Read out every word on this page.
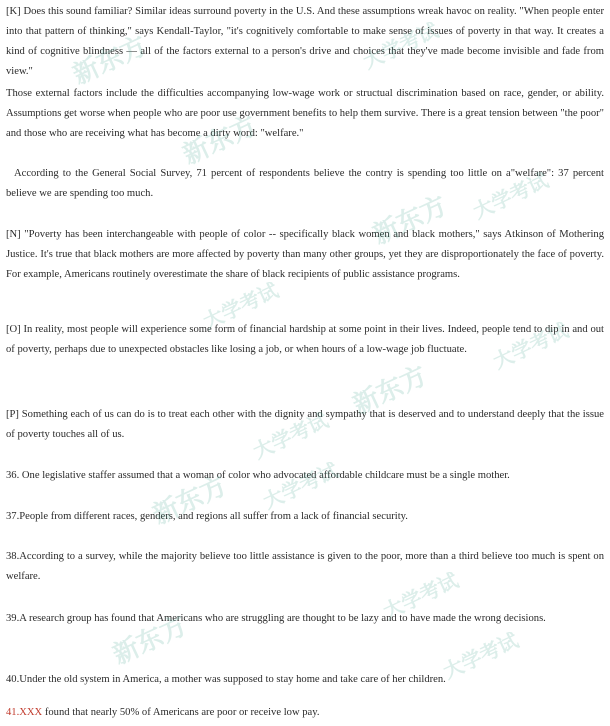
[K] Does this sound familiar? Similar ideas surround poverty in the U.S. And these assumptions wreak havoc on reality. "When people enter into that pattern of thinking," says Kendall-Taylor, "it's cognitively comfortable to make sense of issues of poverty in that way. It creates a kind of cognitive blindness — all of the factors external to a person's drive and choices that they've made become invisible and fade from view."

Those external factors include the difficulties accompanying low-wage work or structual discrimination based on race, gender, or ability. Assumptions get worse when people who are poor use government benefits to help them survive. There is a great tension between "the poor" and those who are receiving what has become a dirty word: "welfare."

According to the General Social Survey, 71 percent of respondents believe the contry is spending too little on a"welfare": 37 percent believe we are spending too much.

[N] "Poverty has been interchangeable with people of color -- specifically black women and black mothers," says Atkinson of Mothering Justice. It's true that black mothers are more affected by poverty than many other groups, yet they are disproportionately the face of poverty. For example, Americans routinely overestimate the share of black recipients of public assistance programs.

[O] In reality, most people will experience some form of financial hardship at some point in their lives. Indeed, people tend to dip in and out of poverty, perhaps due to unexpected obstacles like losing a job, or when hours of a low-wage job fluctuate.

[P] Something each of us can do is to treat each other with the dignity and sympathy that is deserved and to understand deeply that the issue of poverty touches all of us.

36. One legislative staffer assumed that a woman of color who advocated affordable childcare must be a single mother.

37.People from different races, genders, and regions all suffer from a lack of financial security.

38.According to a survey, while the majority believe too little assistance is given to the poor, more than a third believe too much is spent on welfare.

39.A research group has found that Americans who are struggling are thought to be lazy and to have made the wrong decisions.

40.Under the old system in America, a mother was supposed to stay home and take care of her children.

41.XXX found that nearly 50% of Americans are poor or receive low pay.

新东方	大学考试
新东方
新东方 大学考试
大学考试
新东方
大学考试
大学考试
新东方 大学考试
大学考试
新东方	大学考试
